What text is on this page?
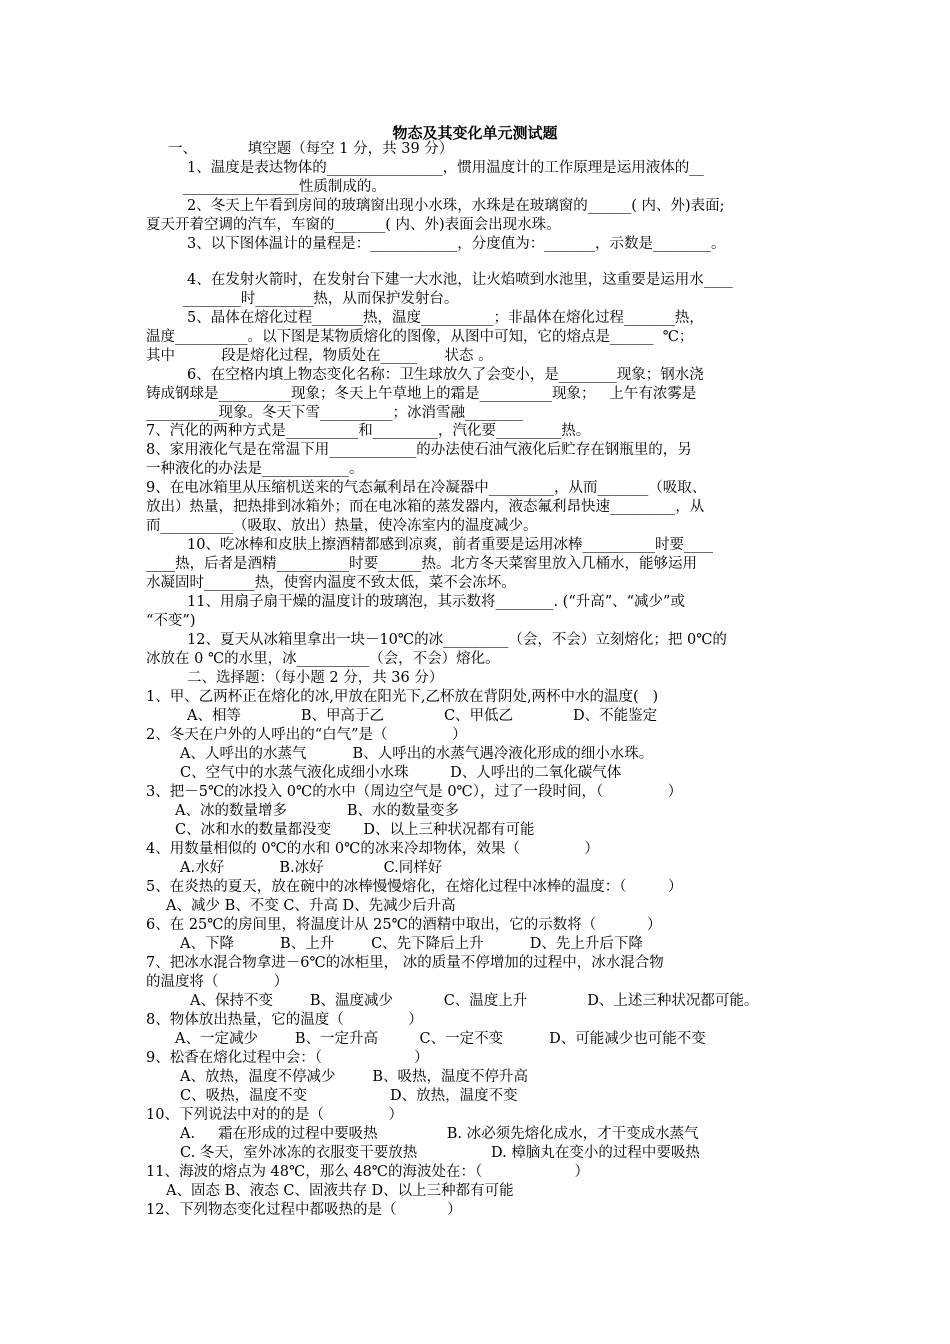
物态及其变化单元测试题
一、           填空题（每空 1 分，共 39 分）
1、温度是表达物体的________________，惯用温度计的工作原理是运用液体的__
________________性质制成的。
2、冬天上午看到房间的玻璃窗出现小水珠，水珠是在玻璃窗的______( 内、外)表面;
夏天开着空调的汽车，车窗的_______( 内、外)表面会出现水珠。
3、以下图体温计的量程是：____________，分度值为：_______，示数是________。
4、在发射火箭时，在发射台下建一大水池，让火焰喷到水池里，这重要是运用水____
________时________热，从而保护发射台。
5、晶体在熔化过程_______热，温度__________；非晶体在熔化过程_______热，
温度__________。以下图是某物质熔化的图像，从图中可知，它的熔点是______  ℃；
其中          段是熔化过程，物质处在_____      状态 。
6、在空格内填上物态变化名称：卫生球放久了会变小，是________现象；钢水浇
铸成钢球是__________现象；冬天上午草地上的霜是__________现象；   上午有浓雾是
__________现象。冬天下雪__________；冰消雪融________
7、汽化的两种方式是__________和_________，汽化要_________热。
8、家用液化气是在常温下用____________的办法使石油气液化后贮存在钢瓶里的，另
一种液化的办法是____________。
9、在电冰箱里从压缩机送来的气态氟利昂在冷凝器中_________，从而_______（吸取、
放出）热量，把热排到冰箱外；而在电冰箱的蒸发器内，液态氟利昂快速_________，从
而__________（吸取、放出）热量，使冷冻室内的温度减少。
10、吃冰棒和皮肤上擦酒精都感到凉爽，前者重要是运用冰棒__________时要____
____热，后者是酒精__________时要______热。北方冬天菜窖里放入几桶水，能够运用
水凝固时_______热，使窖内温度不致太低，菜不会冻坏。
11、用扇子扇干燥的温度计的玻璃泡，其示数将________. (“升高”、“减少”或
“不变”)
12、夏天从冰箱里拿出一块－10℃的冰_________（会，不会）立刻熔化；把 0℃的
冰放在 0 ℃的水里，冰__________（会，不会）熔化。
二、选择题：（每小题 2 分，共 36 分）
1、甲、乙两杯正在熔化的冰,甲放在阳光下,乙杯放在背阴处,两杯中水的温度(   )
A、相等             B、甲高于乙             C、甲低乙             D、不能鉴定
2、冬天在户外的人呼出的“白气”是（              ）
A、人呼出的水蒸气          B、人呼出的水蒸气遇冷液化形成的细小水珠。
C、空气中的水蒸气液化成细小水珠         D、人呼出的二氧化碳气体
3、把－5℃的冰投入 0℃的水中（周边空气是 0℃），过了一段时间，（              ）
A、冰的数量增多             B、水的数量变多
C、冰和水的数量都没变       D、以上三种状况都有可能
4、用数量相似的 0℃的水和 0℃的冰来冷却物体，效果（              ）
A.水好            B.冰好             C.同样好
5、在炎热的夏天，放在碗中的冰棒慢慢熔化，在熔化过程中冰棒的温度：（         ）
A、减少 B、不变 C、升高 D、先减少后升高
6、在 25℃的房间里，将温度计从 25℃的酒精中取出，它的示数将（           ）
A、下降          B、上升        C、先下降后上升          D、先上升后下降
7、把冰水混合物拿进－6℃的冰柜里， 冰的质量不停增加的过程中，冰水混合物
的温度将（            ）
A、保持不变        B、温度减少           C、温度上升             D、上述三种状况都可能。
8、物体放出热量，它的温度（              ）
A、一定减少        B、一定升高         C、一定不变          D、可能减少也可能不变
9、松香在熔化过程中会：（                    ）
A、放热，温度不停减少        B、吸热，温度不停升高
C、吸热，温度不变                  D、放热，温度不变
10、下列说法中对的的是（              ）
A.     霜在形成的过程中要吸热               B. 冰必须先熔化成水，才干变成水蒸气
C. 冬天，室外冰冻的衣服变干要放热                D. 樟脑丸在变小的过程中要吸热
11、海波的熔点为 48℃，那么 48℃的海波处在：（                    ）
A、固态 B、液态 C、固液共存 D、以上三种都有可能
12、下列物态变化过程中都吸热的是（           ）
